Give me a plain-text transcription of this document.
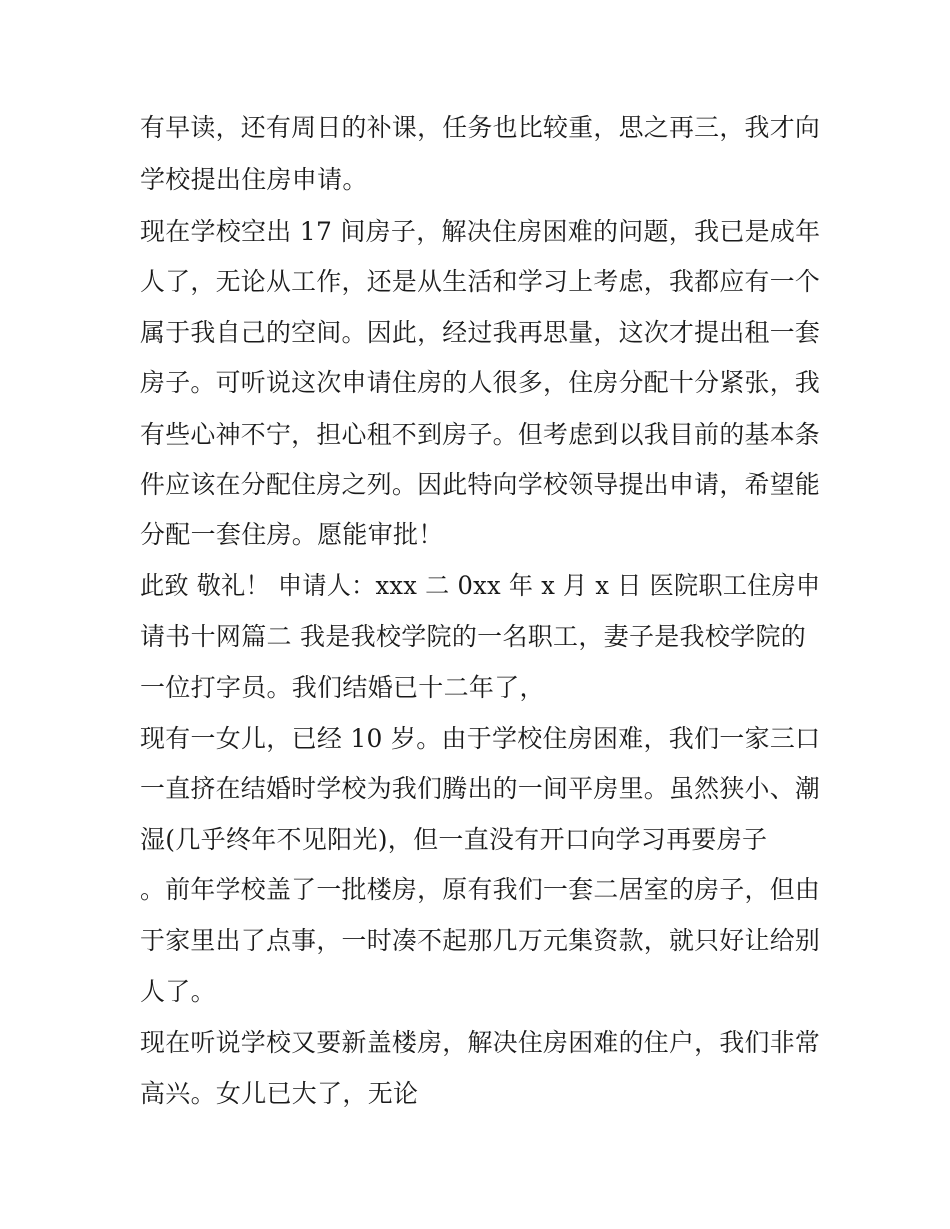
有早读，还有周日的补课，任务也比较重，思之再三，我才向
学校提出住房申请。
现在学校空出 17 间房子，解决住房困难的问题，我已是成年
人了，无论从工作，还是从生活和学习上考虑，我都应有一个
属于我自己的空间。因此，经过我再思量，这次才提出租一套
房子。可听说这次申请住房的人很多，住房分配十分紧张，我
有些心神不宁，担心租不到房子。但考虑到以我目前的基本条
件应该在分配住房之列。因此特向学校领导提出申请，希望能
分配一套住房。愿能审批！
此致 敬礼！ 申请人：xxx 二 0xx 年 x 月 x 日 医院职工住房申
请书十网篇二 我是我校学院的一名职工，妻子是我校学院的
一位打字员。我们结婚已十二年了，
现有一女儿，已经 10 岁。由于学校住房困难，我们一家三口
一直挤在结婚时学校为我们腾出的一间平房里。虽然狭小、潮
湿(几乎终年不见阳光)，但一直没有开口向学习再要房子
。前年学校盖了一批楼房，原有我们一套二居室的房子，但由
于家里出了点事，一时凑不起那几万元集资款，就只好让给别
人了。
现在听说学校又要新盖楼房，解决住房困难的住户，我们非常
高兴。女儿已大了，无论
